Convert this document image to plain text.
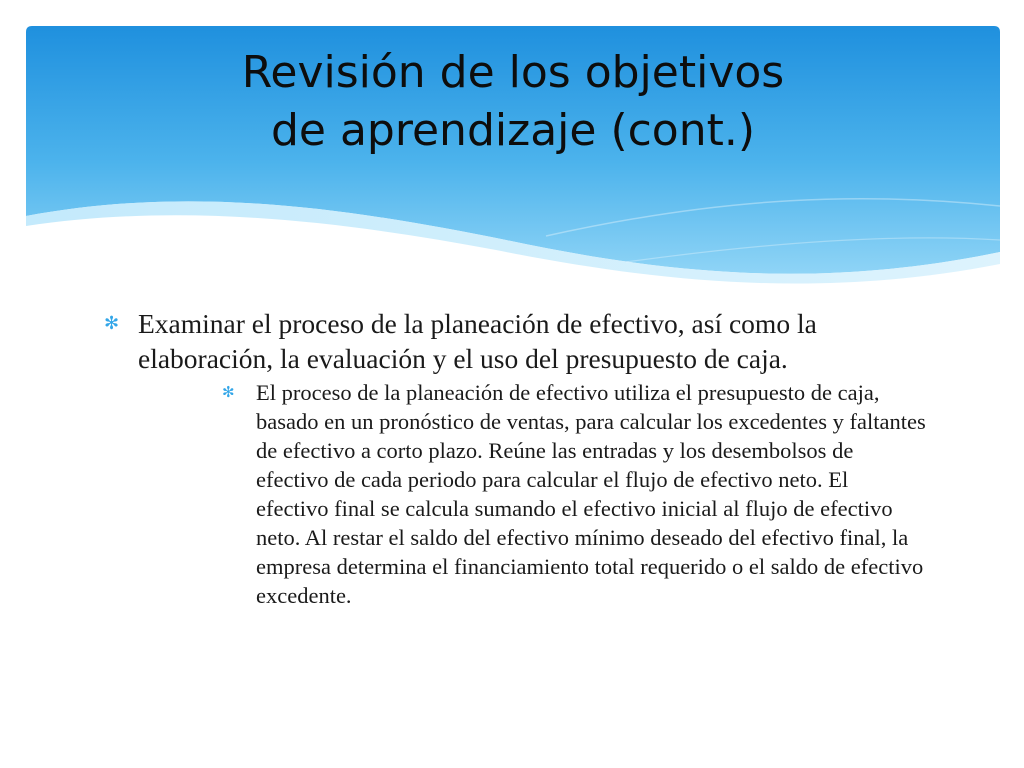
Revisión de los objetivos
de aprendizaje (cont.)
✻ Examinar el proceso de la planeación de efectivo, así como la elaboración, la evaluación y el uso del presupuesto de caja.
✻ El proceso de la planeación de efectivo utiliza el presupuesto de caja, basado en un pronóstico de ventas, para calcular los excedentes y faltantes de efectivo a corto plazo. Reúne las entradas y los desembolsos de efectivo de cada periodo para calcular el flujo de efectivo neto. El efectivo final se calcula sumando el efectivo inicial al flujo de efectivo neto. Al restar el saldo del efectivo mínimo deseado del efectivo final, la empresa determina el financiamiento total requerido o el saldo de efectivo excedente.
